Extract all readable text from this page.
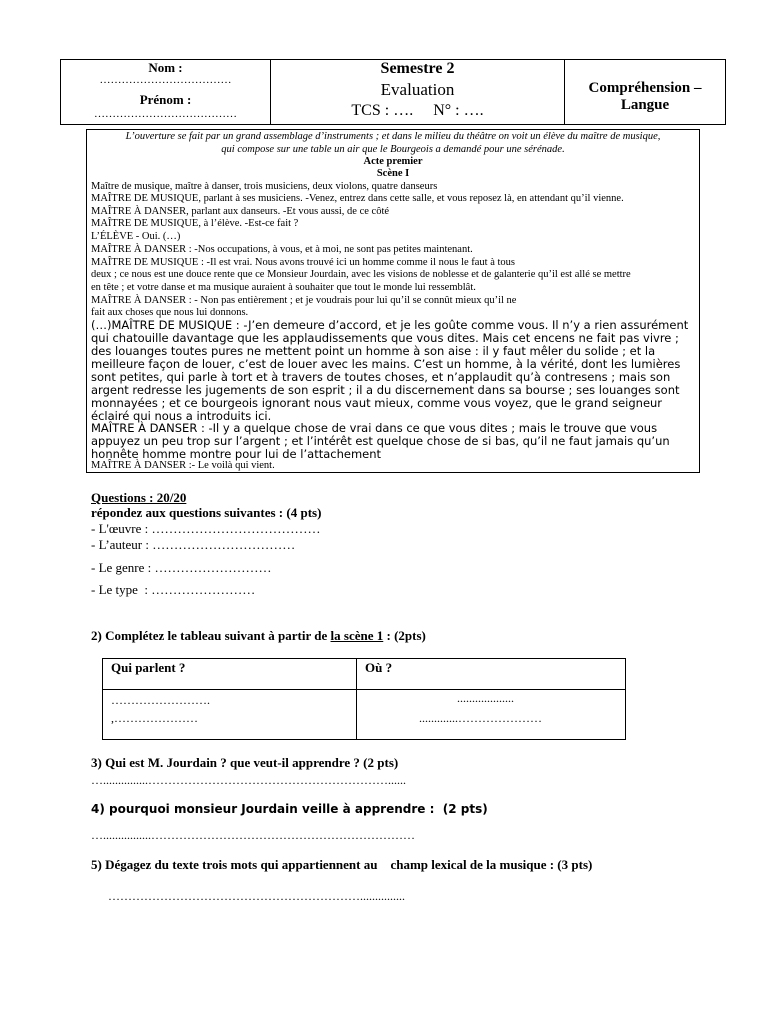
Nom :
………………………………
Prénom :
…………………………………
Semestre 2
Evaluation
TCS : ….     N° : ….
Compréhension – Langue
L’ouverture se fait par un grand assemblage d’instruments ; et dans le milieu du théâtre on voit un élève du maître de musique,
qui compose sur une table un air que le Bourgeois a demandé pour une sérénade.
Acte premier
Scène I
Maître de musique, maître à danser, trois musiciens, deux violons, quatre danseurs
MAÎTRE DE MUSIQUE, parlant à ses musiciens. -Venez, entrez dans cette salle, et vous reposez là, en attendant qu’il vienne.
MAÎTRE À DANSER, parlant aux danseurs. -Et vous aussi, de ce côté
MAÎTRE DE MUSIQUE, à l’élève. -Est-ce fait ?
L’ÉLÈVE - Oui. (…)
MAÎTRE À DANSER : -Nos occupations, à vous, et à moi, ne sont pas petites maintenant.
MAÎTRE DE MUSIQUE : -Il est vrai. Nous avons trouvé ici un homme comme il nous le faut à tous
deux ; ce nous est une douce rente que ce Monsieur Jourdain, avec les visions de noblesse et de galanterie qu’il est allé se mettre
en tête ; et votre danse et ma musique auraient à souhaiter que tout le monde lui ressemblât.
MAÎTRE À DANSER : - Non pas entièrement ; et je voudrais pour lui qu’il se connût mieux qu’il ne
fait aux choses que nous lui donnons.
(…)MAÎTRE DE MUSIQUE : -J’en demeure d’accord, et je les goûte comme vous. Il n’y a rien assurément
qui chatouille davantage que les applaudissements que vous dites. Mais cet encens ne fait pas vivre ;
des louanges toutes pures ne mettent point un homme à son aise : il y faut mêler du solide ; et la
meilleure façon de louer, c’est de louer avec les mains. C’est un homme, à la vérité, dont les lumières
sont petites, qui parle à tort et à travers de toutes choses, et n’applaudit qu’à contresens ; mais son
argent redresse les jugements de son esprit ; il a du discernement dans sa bourse ; ses louanges sont
monnayées ; et ce bourgeois ignorant nous vaut mieux, comme vous voyez, que le grand seigneur
éclairé qui nous a introduits ici.
MAÎTRE À DANSER : -Il y a quelque chose de vrai dans ce que vous dites ; mais le trouve que vous
appuyez un peu trop sur l’argent ; et l’intérêt est quelque chose de si bas, qu’il ne faut jamais qu’un
honnête homme montre pour lui de l’attachement
MAÎTRE À DANSER :- Le voilà qui vient.
Questions : 20/20
répondez aux questions suivantes : (4 pts)
- L'œuvre : …………………………………
- L’auteur : ……………………………
- Le genre : ………………………
- Le type  : ……………………
2) Complétez le tableau suivant à partir de la scène 1 : (2pts)
Qui parlent ?	Où ?
…………………….
,…………………
...................
.............…………………
3) Qui est M. Jourdain ? que veut-il apprendre ? (2 pts)
…...............……………………………………………………......
4) pourquoi monsieur Jourdain veille à apprendre :  (2 pts)
…................…………………………………………………………
5) Dégagez du texte trois mots qui appartiennent au    champ lexical de la musique : (3 pts)
………………………………………………………...............
